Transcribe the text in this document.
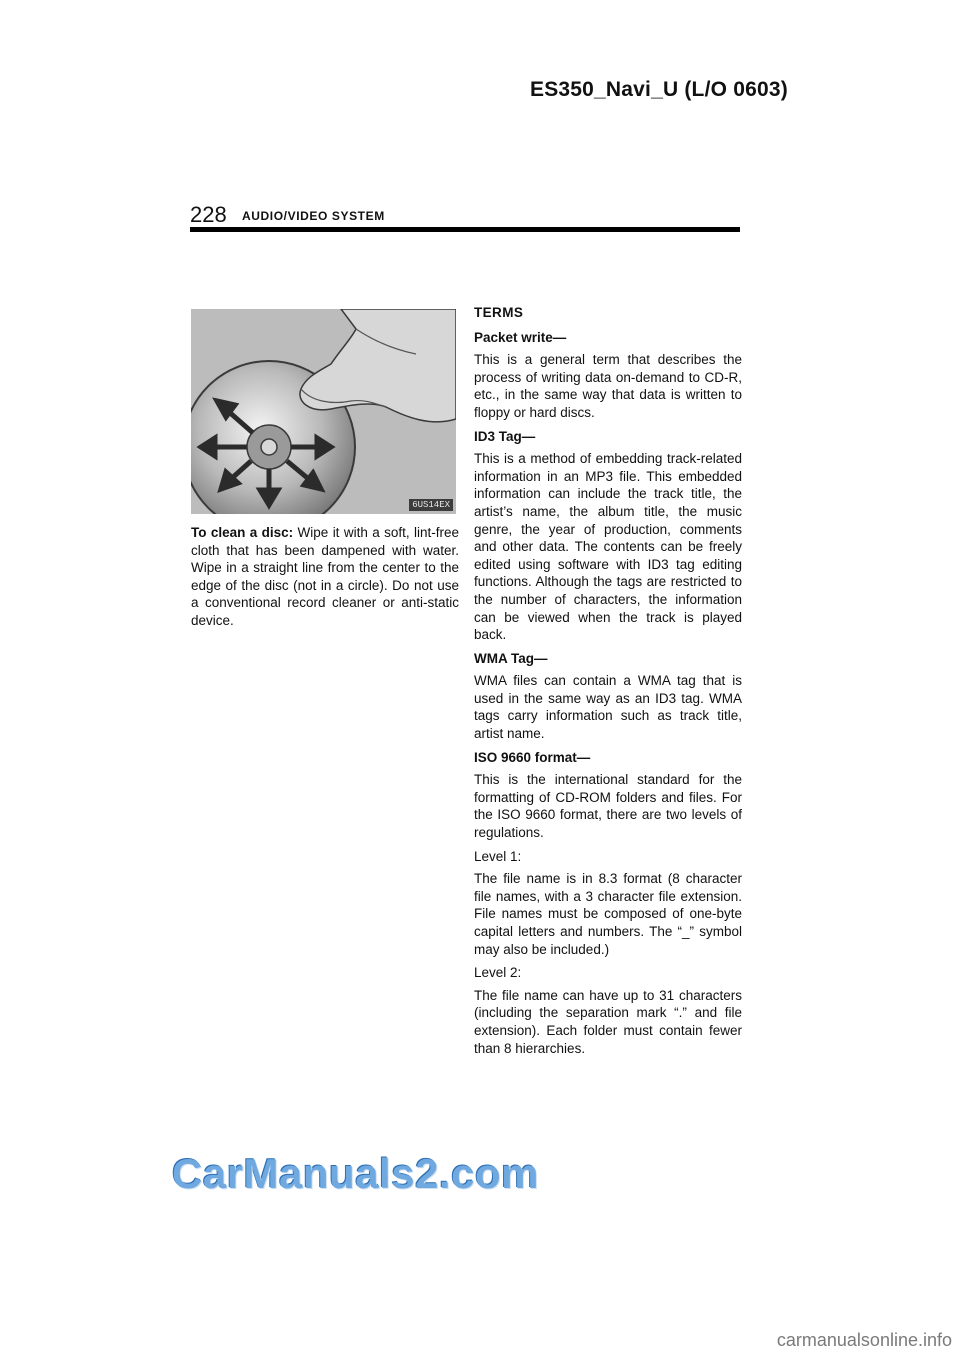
ES350_Navi_U (L/O 0603)
228 AUDIO/VIDEO SYSTEM
6US14EX
To clean a disc: Wipe it with a soft, lint-free cloth that has been dampened with water. Wipe in a straight line from the center to the edge of the disc (not in a circle). Do not use a conventional record cleaner or anti-static device.
TERMS
Packet write—
This is a general term that describes the process of writing data on-demand to CD-R, etc., in the same way that data is written to floppy or hard discs.
ID3 Tag—
This is a method of embedding track-related information in an MP3 file. This embedded information can include the track title, the artist’s name, the album title, the music genre, the year of production, comments and other data. The contents can be freely edited using software with ID3 tag editing functions. Although the tags are restricted to the number of characters, the information can be viewed when the track is played back.
WMA Tag—
WMA files can contain a WMA tag that is used in the same way as an ID3 tag. WMA tags carry information such as track title, artist name.
ISO 9660 format—
This is the international standard for the formatting of CD-ROM folders and files. For the ISO 9660 format, there are two levels of regulations.
Level 1:
The file name is in 8.3 format (8 character file names, with a 3 character file extension. File names must be composed of one-byte capital letters and numbers. The “_” symbol may also be included.)
Level 2:
The file name can have up to 31 characters (including the separation mark “.” and file extension). Each folder must contain fewer than 8 hierarchies.
CarManuals2.com
carmanualsonline.info
